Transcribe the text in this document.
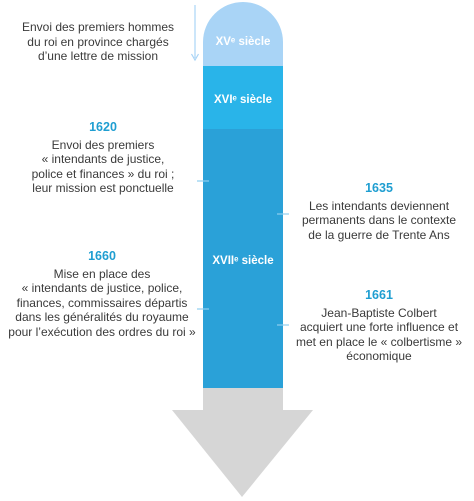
XVᵉ siècle
XVIᵉ siècle
XVIIᵉ siècle
Envoi des premiers hommes
du roi en province chargés
d’une lettre de mission
1620
Envoi des premiers
« intendants de justice,
police et finances » du roi ;
leur mission est ponctuelle	1635
Les intendants deviennent
permanents dans le contexte
de la guerre de Trente Ans
1660
Mise en place des
« intendants de justice, police,
finances, commissaires départis
dans les généralités du royaume
pour l’exécution des ordres du roi »
1661
Jean-Baptiste Colbert
acquiert une forte influence et
met en place le « colbertisme »
économique
